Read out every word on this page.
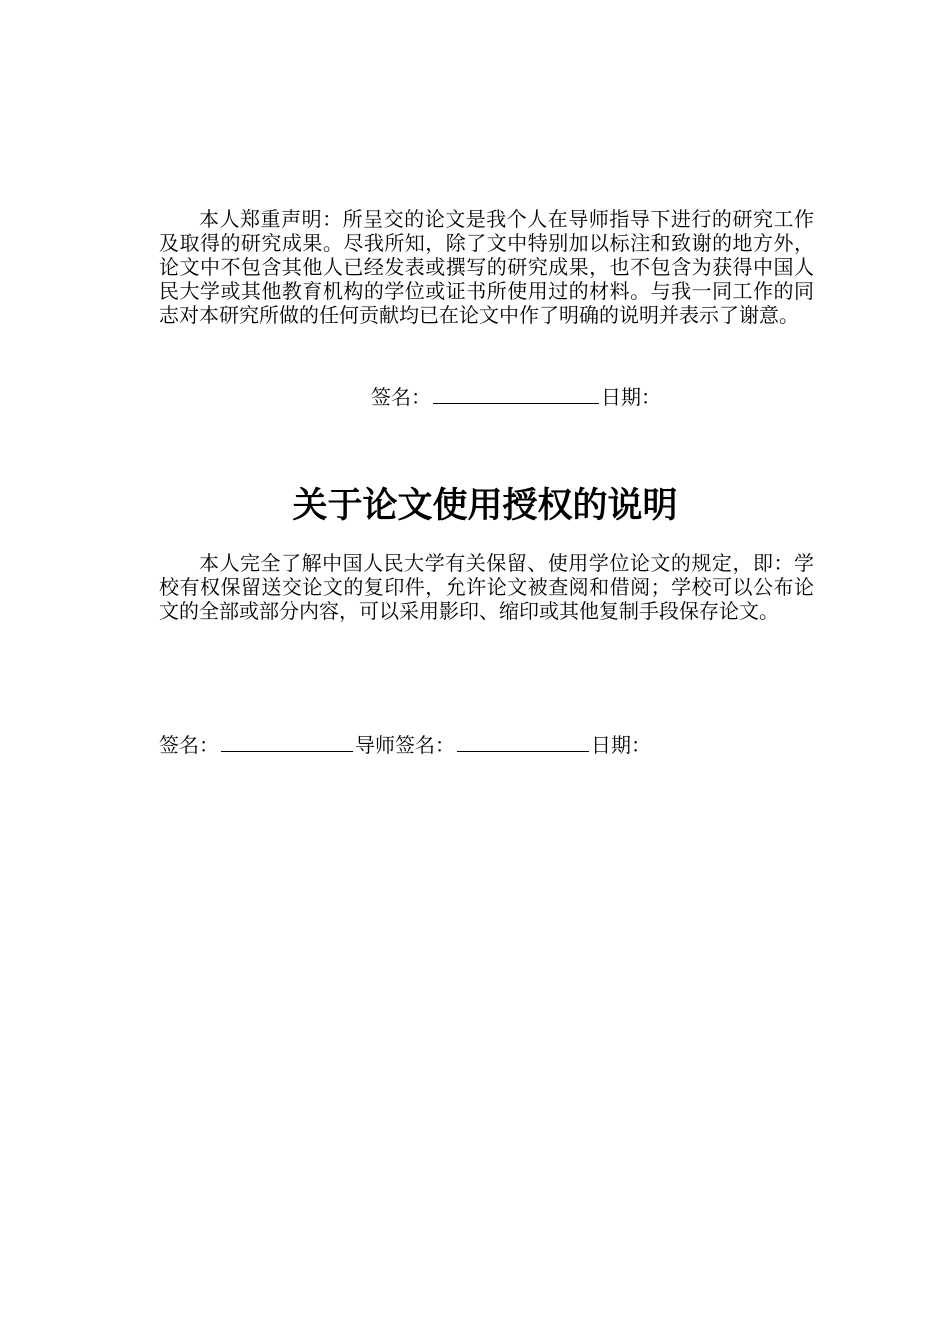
本人郑重声明：所呈交的论文是我个人在导师指导下进行的研究工作及取得的研究成果。尽我所知，除了文中特别加以标注和致谢的地方外，论文中不包含其他人已经发表或撰写的研究成果，也不包含为获得中国人民大学或其他教育机构的学位或证书所使用过的材料。与我一同工作的同志对本研究所做的任何贡献均已在论文中作了明确的说明并表示了谢意。

签名：	日期：
关于论文使用授权的说明

本人完全了解中国人民大学有关保留、使用学位论文的规定，即：学校有权保留送交论文的复印件，允许论文被查阅和借阅；学校可以公布论文的全部或部分内容，可以采用影印、缩印或其他复制手段保存论文。

签名：	导师签名：	日期：
